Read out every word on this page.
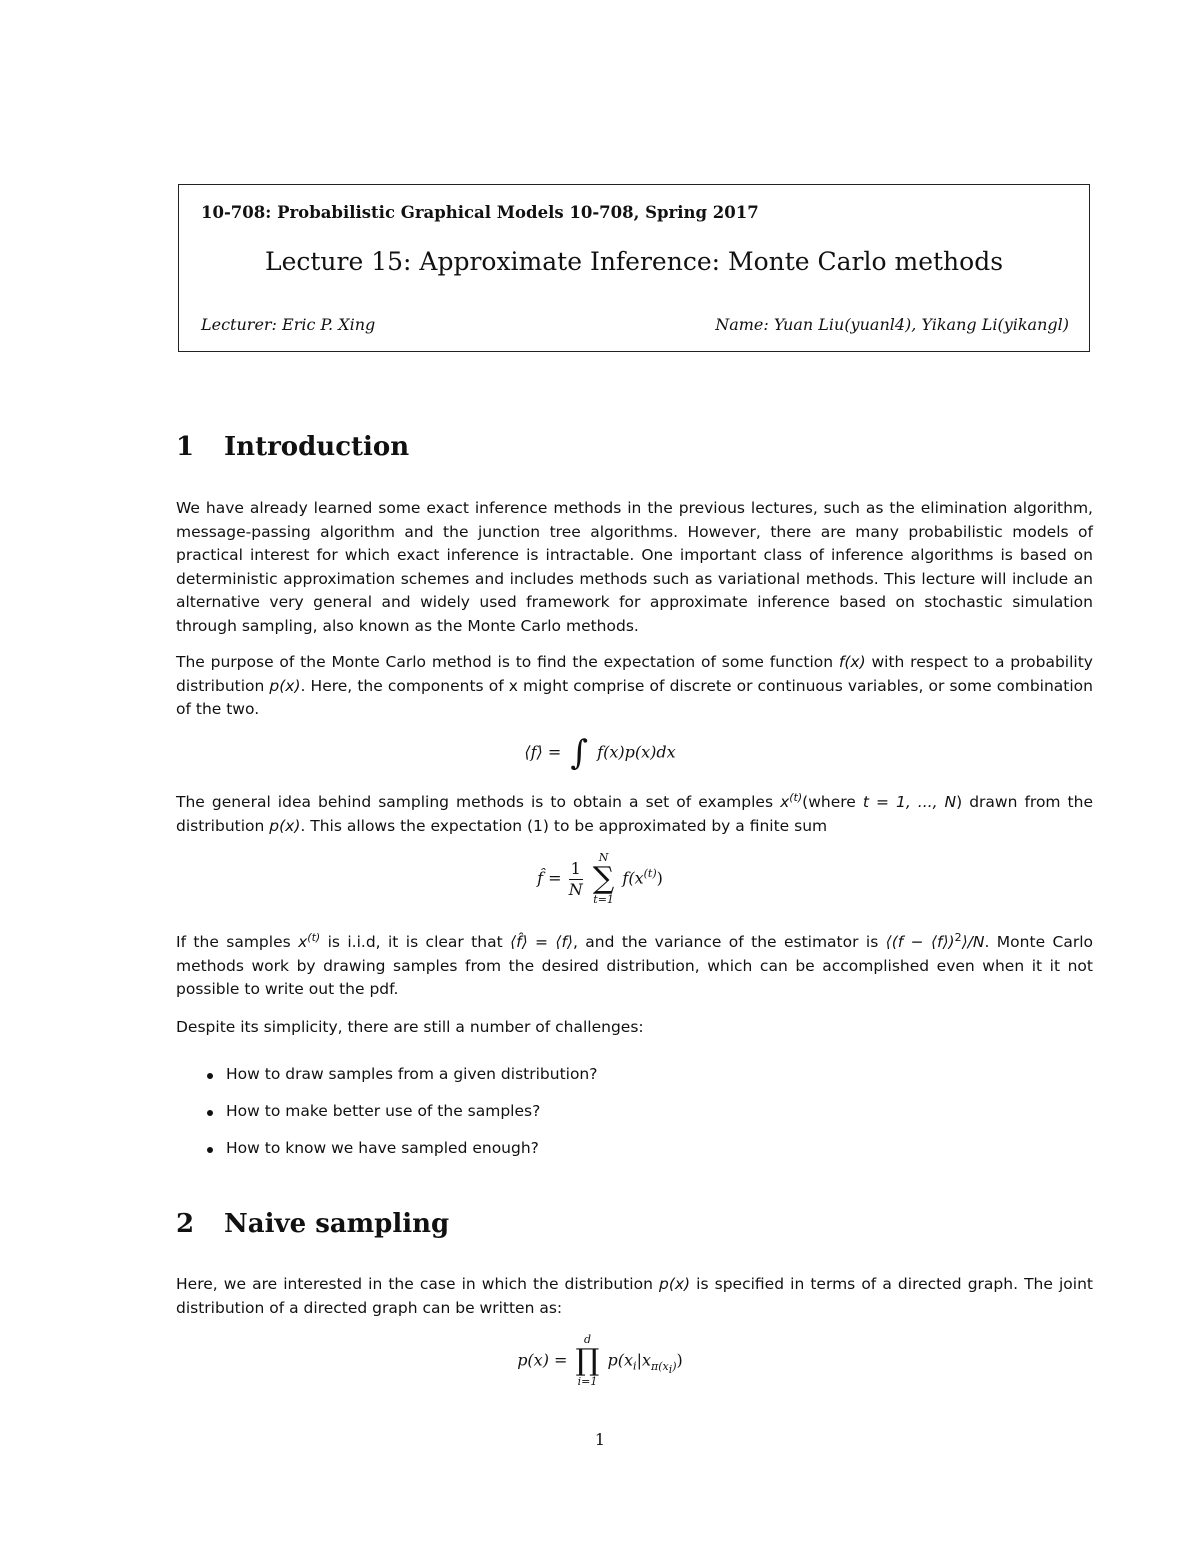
10-708: Probabilistic Graphical Models 10-708, Spring 2017
Lecture 15: Approximate Inference: Monte Carlo methods
Lecturer: Eric P. Xing	Name: Yuan Liu(yuanl4), Yikang Li(yikangl)
1 Introduction

We have already learned some exact inference methods in the previous lectures, such as the elimination algorithm, message-passing algorithm and the junction tree algorithms. However, there are many probabilistic models of practical interest for which exact inference is intractable. One important class of inference algorithms is based on deterministic approximation schemes and includes methods such as variational methods. This lecture will include an alternative very general and widely used framework for approximate inference based on stochastic simulation through sampling, also known as the Monte Carlo methods.

The purpose of the Monte Carlo method is to find the expectation of some function f(x) with respect to a probability distribution p(x). Here, the components of x might comprise of discrete or continuous variables, or some combination of the two.

⟨f⟩ = ∫ f(x)p(x)dx

The general idea behind sampling methods is to obtain a set of examples $x^{(t)}(where$ t = 1, ..., N) drawn from the distribution p(x). This allows the expectation (1) to be approximated by a finite sum

f̂ = $\frac{1}{N}$

N
∑
t=1
$f(x^{(t)})$

If the samples $x^{(t)}$ is i.i.d, it is clear that ⟨f̂⟩ = ⟨f⟩, and the variance of the estimator is ⟨(f − ⟨f⟩)$^2$⟩/N. Monte Carlo methods work by drawing samples from the desired distribution, which can be accomplished even when it it not possible to write out the pdf.

Despite its simplicity, there are still a number of challenges:

How to draw samples from a given distribution?
How to make better use of the samples?
How to know we have sampled enough?
2 Naive sampling

Here, we are interested in the case in which the distribution p(x) is specified in terms of a directed graph. The joint distribution of a directed graph can be written as:

p(x) =
d
∏
i=1
$p(x_i|x_{\pi(x_i)})$
1
